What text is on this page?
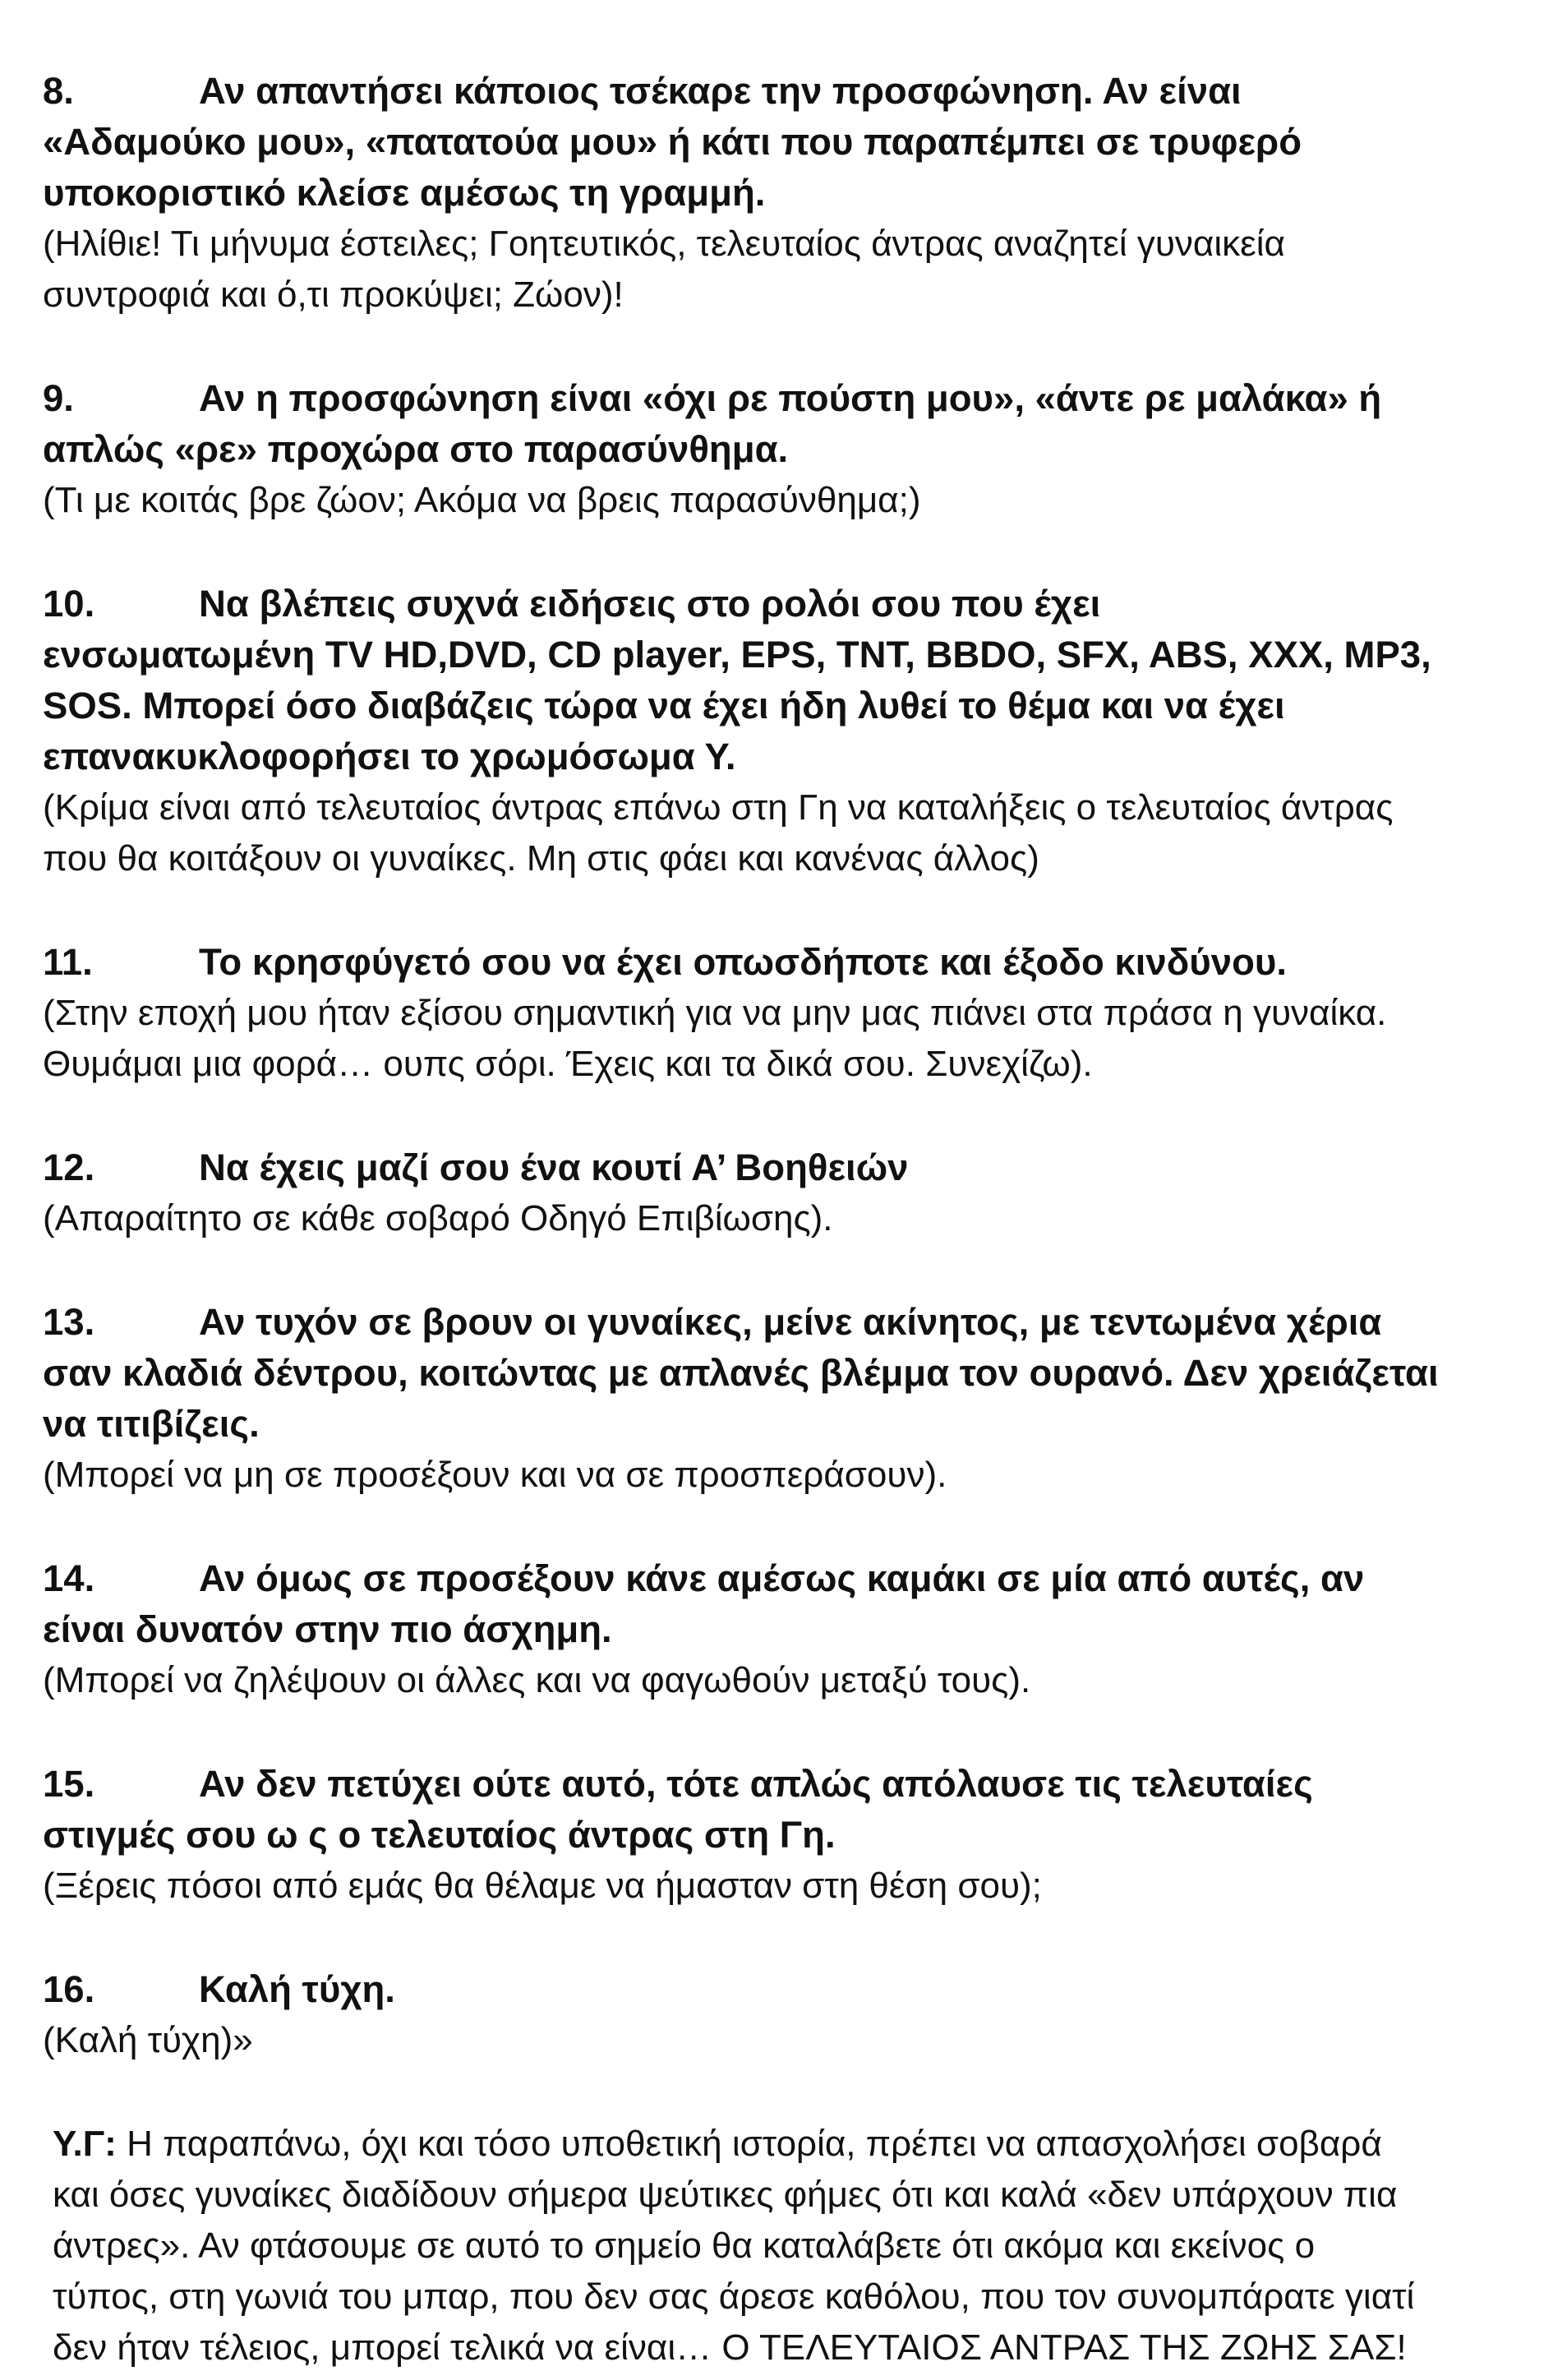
8.	Αν απαντήσει κάποιος τσέκαρε την προσφώνηση. Αν είναι

«Αδαμούκο μου», «πατατούα μου» ή κάτι που παραπέμπει σε τρυφερό

υποκοριστικό κλείσε αμέσως τη γραμμή.

(Ηλίθιε! Τι μήνυμα έστειλες; Γοητευτικός, τελευταίος άντρας αναζητεί γυναικεία

συντροφιά και ό,τι προκύψει; Ζώον)!

9.	Αν η προσφώνηση είναι «όχι ρε πούστη μου», «άντε ρε μαλάκα» ή

απλώς «ρε» προχώρα στο παρασύνθημα.

(Τι με κοιτάς βρε ζώον; Ακόμα να βρεις παρασύνθημα;)

10.	Να βλέπεις συχνά ειδήσεις στο ρολόι σου που έχει

ενσωματωμένη TV HD,DVD, CD player, EPS, TNT, BBDO, SFX, ABS, XXX, MP3,

SOS. Μπορεί όσο διαβάζεις τώρα να έχει ήδη λυθεί το θέμα και να έχει

επανακυκλοφορήσει το χρωμόσωμα Υ.

(Κρίμα είναι από τελευταίος άντρας επάνω στη Γη να καταλήξεις ο τελευταίος άντρας

που θα κοιτάξουν οι γυναίκες. Μη στις φάει και κανένας άλλος)

11.	Το κρησφύγετό σου να έχει οπωσδήποτε και έξοδο κινδύνου.

(Στην εποχή μου ήταν εξίσου σημαντική για να μην μας πιάνει στα πράσα η γυναίκα.

Θυμάμαι μια φορά… ουπς σόρι. Έχεις και τα δικά σου. Συνεχίζω).

12.	Να έχεις μαζί σου ένα κουτί Α’ Βοηθειών

(Απαραίτητο σε κάθε σοβαρό Οδηγό Επιβίωσης).

13.	Αν τυχόν σε βρουν οι γυναίκες, μείνε ακίνητος, με τεντωμένα χέρια

σαν κλαδιά δέντρου, κοιτώντας με απλανές βλέμμα τον ουρανό. Δεν χρειάζεται

να τιτιβίζεις.

(Μπορεί να μη σε προσέξουν και να σε προσπεράσουν).

14.	Αν όμως σε προσέξουν κάνε αμέσως καμάκι σε μία από αυτές, αν

είναι δυνατόν στην πιο άσχημη.

(Μπορεί να ζηλέψουν οι άλλες και να φαγωθούν μεταξύ τους).

15.	Αν δεν πετύχει ούτε αυτό, τότε απλώς απόλαυσε τις τελευταίες

στιγμές σου ω ς ο τελευταίος άντρας στη Γη.

(Ξέρεις πόσοι από εμάς θα θέλαμε να ήμασταν στη θέση σου);

16.	Καλή τύχη.

(Καλή τύχη)»

Υ.Γ: Η παραπάνω, όχι και τόσο υποθετική ιστορία, πρέπει να απασχολήσει σοβαρά
και όσες γυναίκες διαδίδουν σήμερα ψεύτικες φήμες ότι και καλά «δεν υπάρχουν πια
άντρες». Αν φτάσουμε σε αυτό το σημείο θα καταλάβετε ότι ακόμα και εκείνος ο
τύπος, στη γωνιά του μπαρ, που δεν σας άρεσε καθόλου, που τον συνομπάρατε γιατί
δεν ήταν τέλειος, μπορεί τελικά να είναι… Ο ΤΕΛΕΥΤΑΙΟΣ ΑΝΤΡΑΣ ΤΗΣ ΖΩΗΣ ΣΑΣ!
